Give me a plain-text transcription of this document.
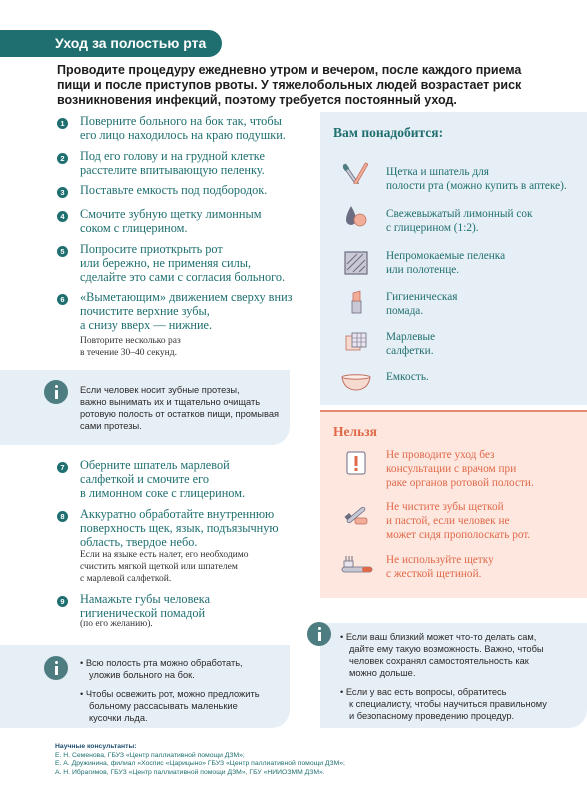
Уход за полостью рта
Проводите процедуру ежедневно утром и вечером, после каждого приема пищи и после приступов рвоты. У тяжелобольных людей возрастает риск возникновения инфекций, поэтому требуется постоянный уход.
1 Поверните больного на бок так, чтобы
его лицо находилось на краю подушки.
2 Под его голову и на грудной клетке
расстелите впитывающую пеленку.
3 Поставьте емкость под подбородок.
4 Смочите зубную щетку лимонным
соком с глицерином.
5 Попросите приоткрыть рот
или бережно, не применяя силы,
сделайте это сами с согласия больного.
6 «Выметающим» движением сверху вниз
почистите верхние зубы,
а снизу вверх — нижние.
Повторите несколько раз
в течение 30–40 секунд.
Если человек носит зубные протезы,
важно вынимать их и тщательно очищать
ротовую полость от остатков пищи, промывая
сами протезы.
7 Оберните шпатель марлевой
салфеткой и смочите его
в лимонном соке с глицерином.
8 Аккуратно обработайте внутреннюю
поверхность щек, язык, подъязычную
область, твердое небо.
Если на языке есть налет, его необходимо
счистить мягкой щеткой или шпателем
с марлевой салфеткой.
9 Намажьте губы человека
гигиенической помадой
(по его желанию).
• Всю полость рта можно обработать,
уложив больного на бок.
• Чтобы освежить рот, можно предложить
больному рассасывать маленькие
кусочки льда.
Вам понадобится:
Щетка и шпатель для
полости рта (можно купить в аптеке).
Свежевыжатый лимонный сок
с глицерином (1:2).
Непромокаемые пеленка
или полотенце.
Гигиеническая
помада.
Марлевые
салфетки.
Емкость.
Нельзя
Не проводите уход без
консультации с врачом при
раке органов ротовой полости.
Не чистите зубы щеткой
и пастой, если человек не
может сидя прополоскать рот.
Не используйте щетку
с жесткой щетиной.
• Если ваш близкий может что-то делать сам,
дайте ему такую возможность. Важно, чтобы
человек сохранял самостоятельность как
можно дольше.
• Если у вас есть вопросы, обратитесь
к специалисту, чтобы научиться правильному
и безопасному проведению процедур.
Научные консультанты:
Е. Н. Семенова, ГБУЗ «Центр паллиативной помощи ДЗМ»;
Е. А. Дружинина, филиал «Хоспис «Царицыно» ГБУЗ «Центр паллиативной помощи ДЗМ»;
А. Н. Ибрагимов, ГБУЗ «Центр паллиативной помощи ДЗМ», ГБУ «НИИОЗММ ДЗМ».
